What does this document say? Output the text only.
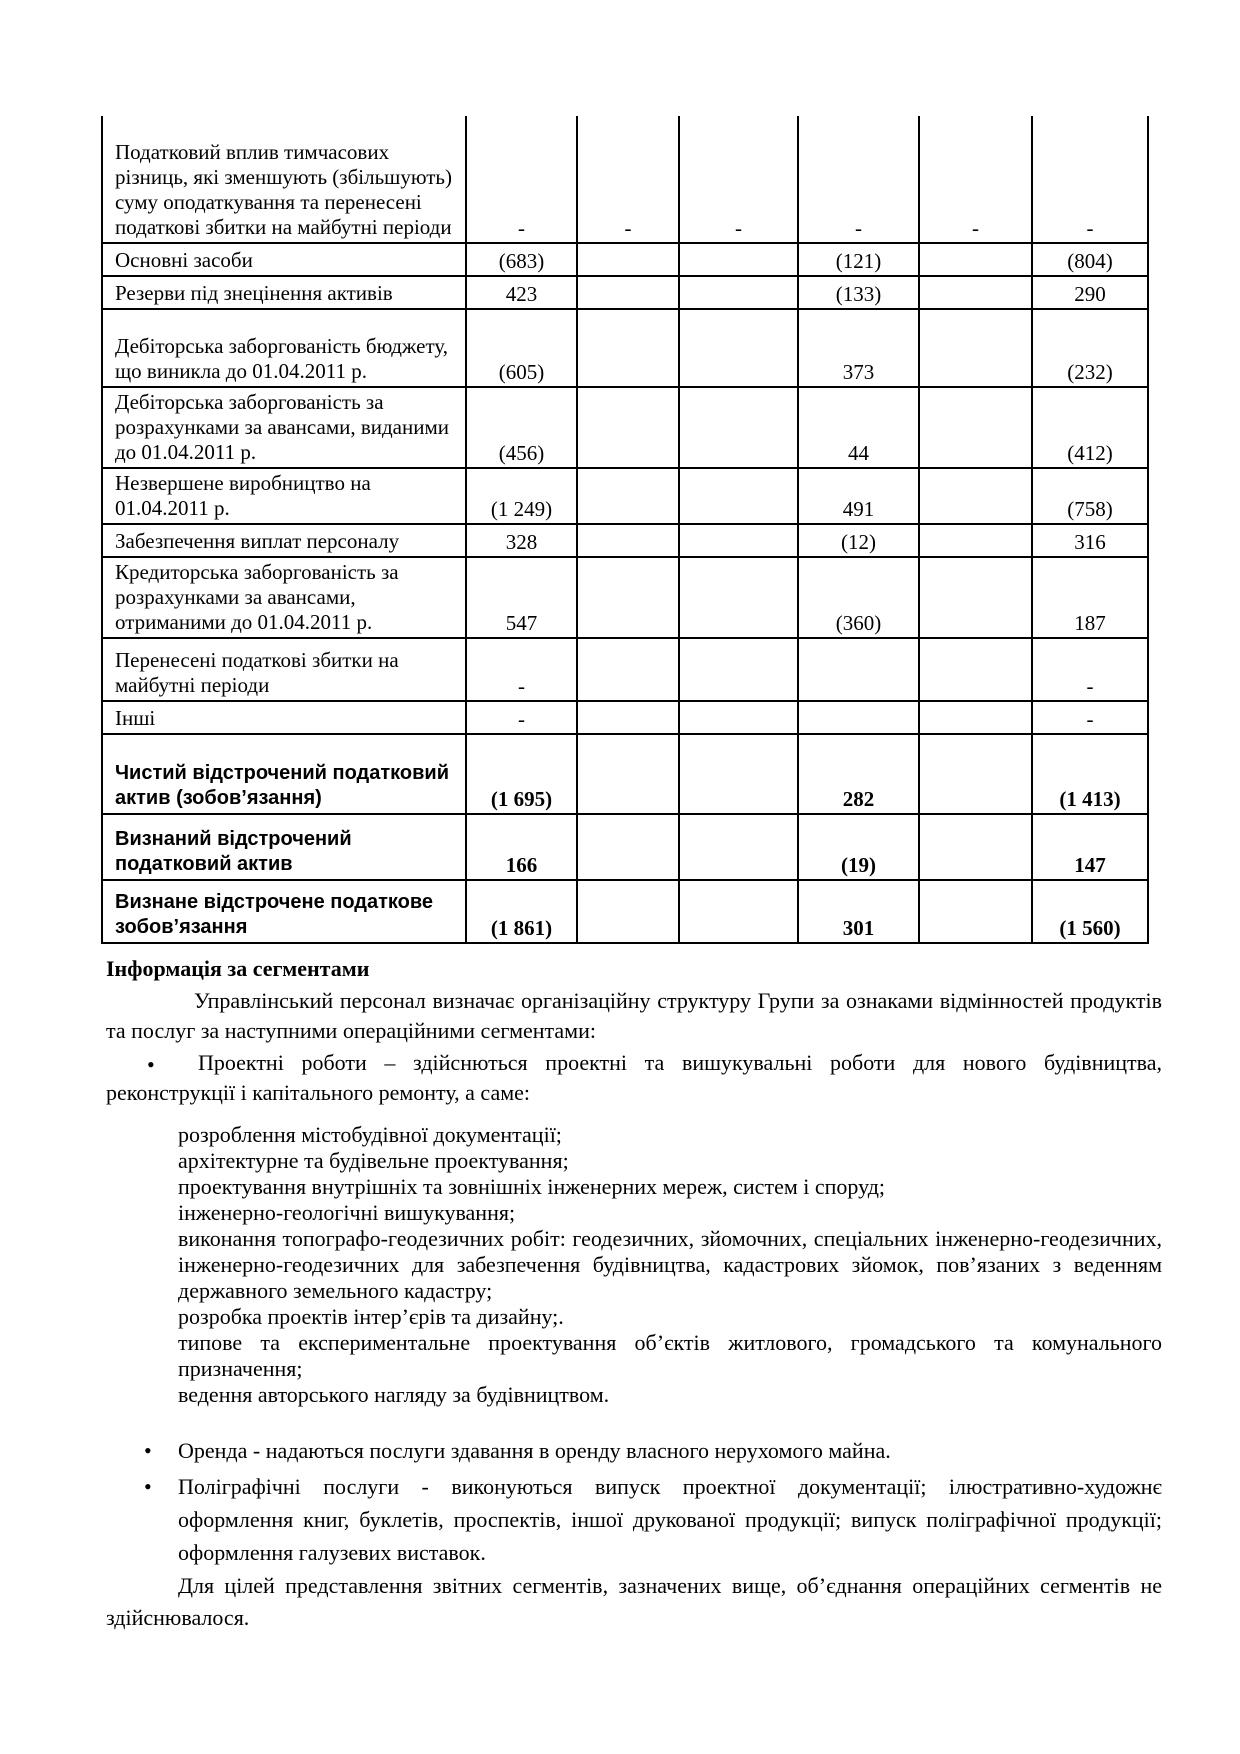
Податковий вплив тимчасових різниць, які зменшують (збільшують) суму оподаткування та перенесені податкові збитки на майбутні періоди	-	-	-	-	-	-
Основні засоби	(683)			(121)		(804)
Резерви під знецінення активів	423			(133)		290
Дебіторська заборгованість бюджету, що виникла до 01.04.2011 р.	(605)			373		(232)
Дебіторська заборгованість за розрахунками за авансами, виданими до 01.04.2011 р.	(456)			44		(412)
Незвершене виробництво на 01.04.2011 р.	(1 249)			491		(758)
Забезпечення виплат персоналу	328			(12)		316
Кредиторська заборгованість за розрахунками за авансами, отриманими до 01.04.2011 р.	547			(360)		187
Перенесені податкові збитки на майбутні періоди	-					-
Інші	-					-
Чистий відстрочений податковий актив (зобов’язання)	(1 695)			282		(1 413)
Визнаний відстрочений податковий актив	166			(19)		147
Визнане відстрочене податкове зобов’язання	(1 861)			301		(1 560)
Інформація за сегментами
Управлінський персонал визначає організаційну структуру Групи за ознаками відмінностей продуктів та послуг за наступними операційними сегментами:
•	Проектні роботи – здійснються проектні та вишукувальні роботи для нового будівництва, реконструкції і капітального ремонту, а саме:
розроблення містобудівної документації;
архітектурне та будівельне проектування;
проектування внутрішніх та зовнішніх інженерних мереж, систем і споруд;
інженерно-геологічні вишукування;
виконання топографо-геодезичних робіт: геодезичних, зйомочних, спеціальних інженерно-геодезичних, інженерно-геодезичних для забезпечення будівництва, кадастрових зйомок, пов’язаних з веденням державного земельного кадастру;
розробка проектів інтер’єрів та дизайну;.
типове та експериментальне проектування об’єктів житлового, громадського та комунального призначення;
ведення авторського нагляду за будівництвом.
• Оренда - надаються послуги здавання в оренду власного нерухомого майна.
• Поліграфічні послуги - виконуються випуск проектної документації; ілюстративно-художнє оформлення книг, буклетів, проспектів, іншої друкованої продукції; випуск поліграфічної продукції; оформлення галузевих виставок.
Для цілей представлення звітних сегментів, зазначених вище, об’єднання операційних сегментів не здійснювалося.
